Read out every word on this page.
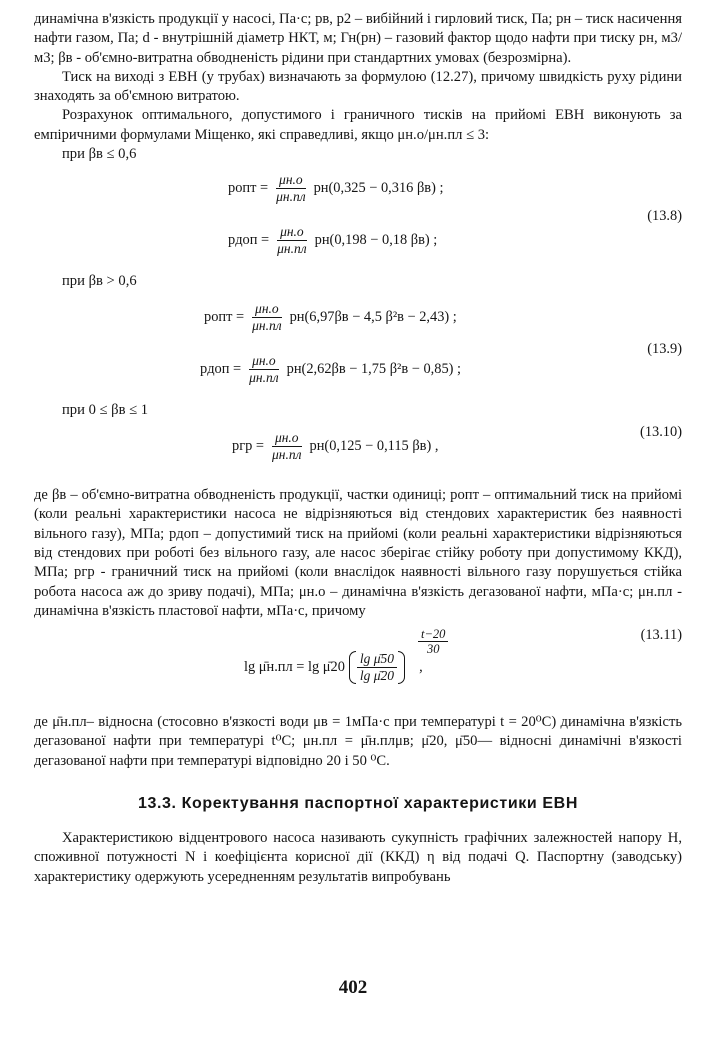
динамічна в'язкість продукції у насосі, Па·с; pв, p2 – вибійний і гирловий тиск, Па; pн – тиск насичення нафти газом, Па; d - внутрішній діаметр НКТ, м; Гн(pн) – газовий фактор щодо нафти при тиску pн, м3/м3; βв - об'ємно-витратна обводненість рідини при стандартних умовах (безрозмірна).

Тиск на виході з ЕВН (у трубах) визначають за формулою (12.27), причому швидкість руху рідини знаходять за об'ємною витратою.

Розрахунок оптимального, допустимого і граничного тисків на прийомі ЕВН виконують за емпіричними формулами Міщенко, які справедливі, якщо μн.о/μн.пл ≤ 3:

при βв ≤ 0,6
pопт = $\frac{\mu н.о}{\mu н.пл} pн(0,325 - 0,316$ βв) ;
pдоп = $\frac{\mu н.о}{\mu н.пл} pн(0,198 - 0,18$ βв) ;
(13.8)
при βв > 0,6
pопт = $\frac{\mu н.о}{\mu н.пл} pн(6,97\beta в - 4,5$ β²в − 2,43) ;
pдоп = $\frac{\mu н.о}{\mu н.пл} pн(2,62\beta в - 1,75$ β²в − 0,85) ;
(13.9)
при 0 ≤ βв ≤ 1
pгр = $\frac{\mu н.о}{\mu н.пл} pн(0,125 - 0,115$ βв) ,
(13.10)

де βв – об'ємно-витратна обводненість продукції, частки одиниці; pопт – оптимальний тиск на прийомі (коли реальні характеристики насоса не відрізняються від стендових характеристик без наявності вільного газу), МПа; pдоп – допустимий тиск на прийомі (коли реальні характеристики відрізняються від стендових при роботі без вільного газу, але насос зберігає стійку роботу при допустимому ККД), МПа; pгр - граничний тиск на прийомі (коли внаслідок наявності вільного газу порушується стійка робота насоса аж до зриву подачі), МПа; μн.о – динамічна в'язкість дегазованої нафти, мПа·с; μн.пл - динамічна в'язкість пластової нафти, мПа·с, причому

lg μ̄н.пл = lg μ̄20 $\frac{\text{lg μ̄50}}{\text{lg μ̄20}}$ ,
t−20
30
(13.11)

де μ̄н.пл– відносна (стосовно в'язкості води μв = 1мПа·с при температурі t = 20⁰С) динамічна в'язкість дегазованої нафти при температурі t⁰С; μн.пл = μ̄н.плμв; μ̄20, μ̄50— відносні динамічні в'язкості дегазованої нафти при температурі відповідно 20 і 50 ⁰С.

13.3. Коректування паспортної характеристики ЕВН

Характеристикою відцентрового насоса називають сукупність графічних залежностей напору H, споживної потужності N і коефіцієнта корисної дії (ККД) η від подачі Q. Паспортну (заводську) характеристику одержують усередненням результатів випробувань

402
